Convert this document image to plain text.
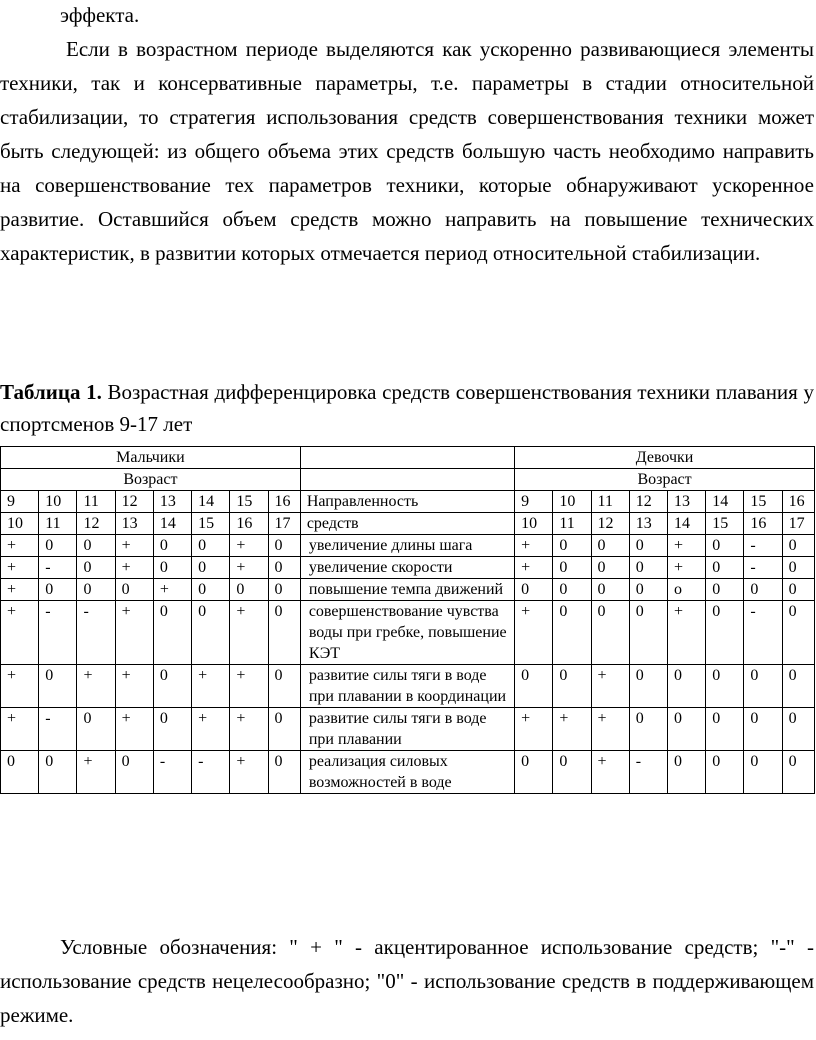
эффекта.

Если в возрастном периоде выделяются как ускоренно развивающиеся элементы техники, так и консервативные параметры, т.е. параметры в стадии относительной стабилизации, то стратегия использования средств совершенствования техники может быть следующей: из общего объема этих средств большую часть необходимо направить на совершенствование тех параметров техники, которые обнаруживают ускоренное развитие. Оставшийся объем средств можно направить на повышение технических характеристик, в развитии которых отмечается период относительной стабилизации.

Таблица 1. Возрастная дифференцировка средств совершенствования техники плавания у спортсменов 9-17 лет

Мальчики									Девочки							
Возраст									Возраст							
9	10	11	12	13	14	15	16	Направленность	9	10	11	12	13	14	15	16
10	11	12	13	14	15	16	17	средств	10	11	12	13	14	15	16	17
+	0	0	+	0	0	+	0	увеличение длины шага	+	0	0	0	+	0	-	0
+	-	0	+	0	0	+	0	увеличение скорости	+	0	0	0	+	0	-	0
+	0	0	0	+	0	0	0	повышение темпа движений	0	0	0	0	о	0	0	0
+	-	-	+	0	0	+	0	совершенствование чувства воды при гребке, повышение КЭТ	+	0	0	0	+	0	-	0
+	0	+	+	0	+	+	0	развитие силы тяги в воде при плавании в координации	0	0	+	0	0	0	0	0
+	-	0	+	0	+	+	0	развитие силы тяги в воде при плавании	+	+	+	0	0	0	0	0
0	0	+	0	-	-	+	0	реализация силовых возможностей в воде	0	0	+	-	0	0	0	0

Условные обозначения: " + " - акцентированное использование средств; "-" - использование средств нецелесообразно; "0" - использование средств в поддерживающем режиме.
